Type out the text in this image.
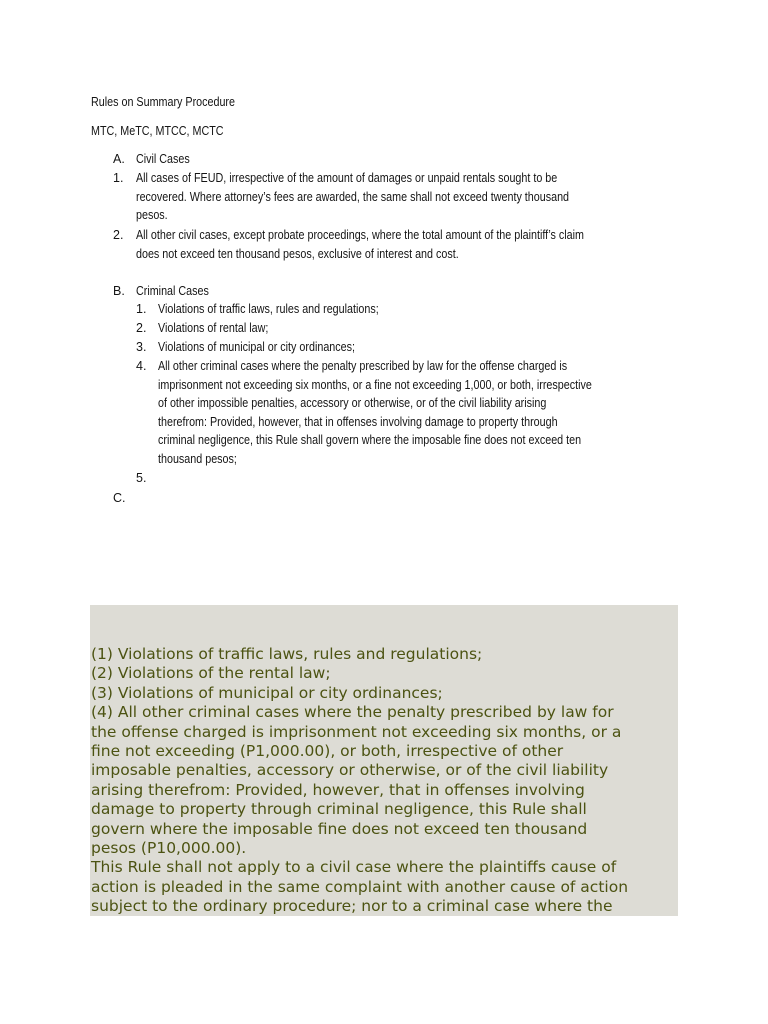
Rules on Summary Procedure
MTC, MeTC, MTCC, MCTC
A. Civil Cases
1. All cases of FEUD, irrespective of the amount of damages or unpaid rentals sought to be
recovered. Where attorney’s fees are awarded, the same shall not exceed twenty thousand
pesos.
2. All other civil cases, except probate proceedings, where the total amount of the plaintiff’s claim
does not exceed ten thousand pesos, exclusive of interest and cost.
B. Criminal Cases
1. Violations of traffic laws, rules and regulations;
2. Violations of rental law;
3. Violations of municipal or city ordinances;
4. All other criminal cases where the penalty prescribed by law for the offense charged is
imprisonment not exceeding six months, or a fine not exceeding 1,000, or both, irrespective
of other impossible penalties, accessory or otherwise, or of the civil liability arising
therefrom: Provided, however, that in offenses involving damage to property through
criminal negligence, this Rule shall govern where the imposable fine does not exceed ten
thousand pesos;
5.
C.
(1) Violations of traffic laws, rules and regulations;
(2) Violations of the rental law;
(3) Violations of municipal or city ordinances;
(4) All other criminal cases where the penalty prescribed by law for
the offense charged is imprisonment not exceeding six months, or a
fine not exceeding (P1,000.00), or both, irrespective of other
imposable penalties, accessory or otherwise, or of the civil liability
arising therefrom: Provided, however, that in offenses involving
damage to property through criminal negligence, this Rule shall
govern where the imposable fine does not exceed ten thousand
pesos (P10,000.00).
This Rule shall not apply to a civil case where the plaintiffs cause of
action is pleaded in the same complaint with another cause of action
subject to the ordinary procedure; nor to a criminal case where the
